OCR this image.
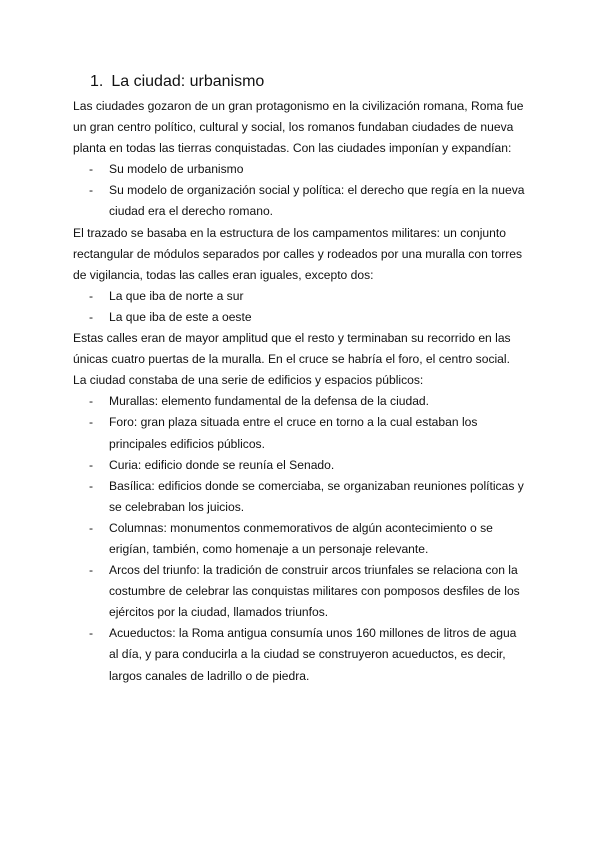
1. La ciudad: urbanismo

Las ciudades gozaron de un gran protagonismo en la civilización romana, Roma fue un gran centro político, cultural y social, los romanos fundaban ciudades de nueva planta en todas las tierras conquistadas. Con las ciudades imponían y expandían:

- Su modelo de urbanismo
- Su modelo de organización social y política: el derecho que regía en la nueva ciudad era el derecho romano.

El trazado se basaba en la estructura de los campamentos militares: un conjunto rectangular de módulos separados por calles y rodeados por una muralla con torres de vigilancia, todas las calles eran iguales, excepto dos:

- La que iba de norte a sur
- La que iba de este a oeste

Estas calles eran de mayor amplitud que el resto y terminaban su recorrido en las únicas cuatro puertas de la muralla. En el cruce se habría el foro, el centro social.

La ciudad constaba de una serie de edificios y espacios públicos:

- Murallas: elemento fundamental de la defensa de la ciudad.
- Foro: gran plaza situada entre el cruce en torno a la cual estaban los principales edificios públicos.
- Curia: edificio donde se reunía el Senado.
- Basílica: edificios donde se comerciaba, se organizaban reuniones políticas y se celebraban los juicios.
- Columnas: monumentos conmemorativos de algún acontecimiento o se erigían, también, como homenaje a un personaje relevante.
- Arcos del triunfo: la tradición de construir arcos triunfales se relaciona con la costumbre de celebrar las conquistas militares con pomposos desfiles de los ejércitos por la ciudad, llamados triunfos.
- Acueductos: la Roma antigua consumía unos 160 millones de litros de agua al día, y para conducirla a la ciudad se construyeron acueductos, es decir, largos canales de ladrillo o de piedra.
